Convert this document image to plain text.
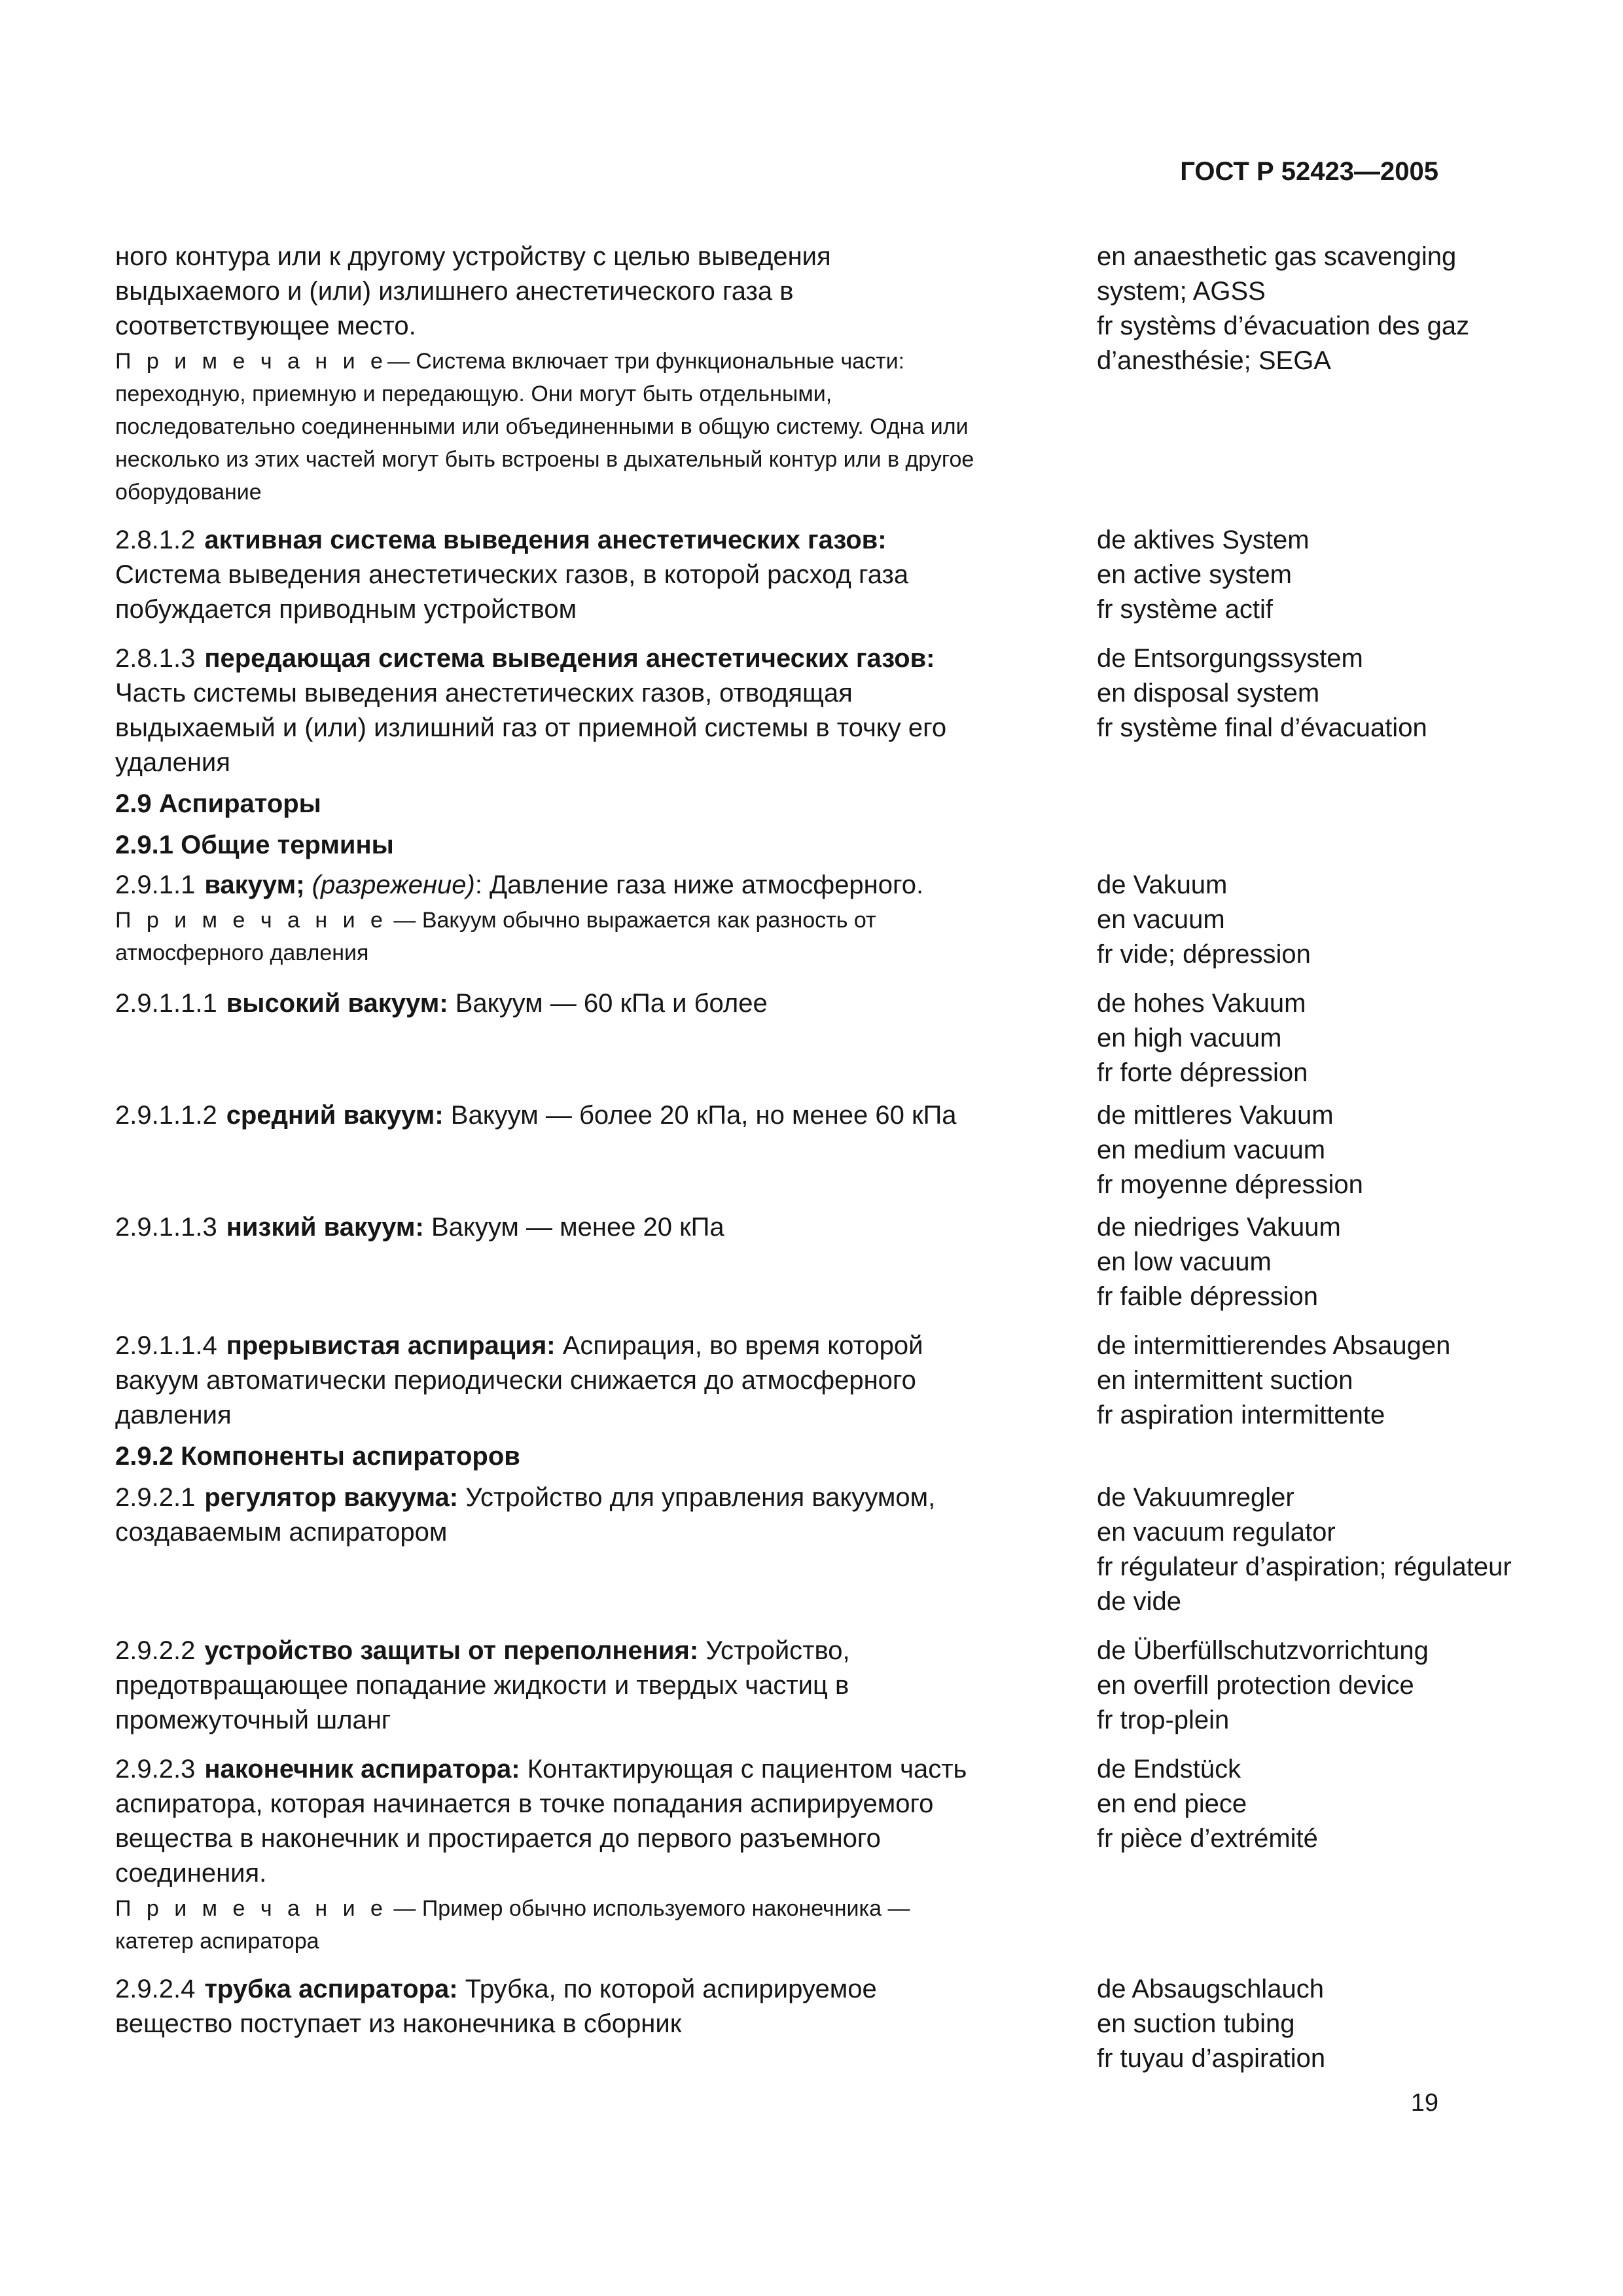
ГОСТ Р 52423—2005
ного контура или к другому устройству с целью выведения выдыхаемого и (или) излишнего анестетического газа в соответствующее место.
П р и м е ч а н и е— Система включает три функциональные части: переходную, приемную и передающую. Они могут быть отдельными, последовательно соединенными или объединенными в общую систему. Одна или несколько из этих частей могут быть встроены в дыхательный контур или в другое оборудование
en anaesthetic gas scavenging
system; AGSS
fr systèms d’évacuation des gaz
d’anesthésie; SEGA
2.8.1.2 активная система выведения анестетических газов: Система выведения анестетических газов, в которой расход газа побуждается приводным устройством
de aktives System
en active system
fr système actif
2.8.1.3 передающая система выведения анестетических газов: Часть системы выведения анестетических газов, отводящая выдыхаемый и (или) излишний газ от приемной системы в точку его удаления
de Entsorgungssystem
en disposal system
fr système final d’évacuation
2.9 Аспираторы
2.9.1 Общие термины
2.9.1.1 вакуум; (разрежение): Давление газа ниже атмосферного.
П р и м е ч а н и е — Вакуум обычно выражается как разность от атмосферного давления
de Vakuum
en vacuum
fr vide; dépression
2.9.1.1.1 высокий вакуум: Вакуум — 60 кПа и более	de hohes Vakuum
en high vacuum
fr forte dépression
2.9.1.1.2 средний вакуум: Вакуум — более 20 кПа, но менее 60 кПа	de mittleres Vakuum
en medium vacuum
fr moyenne dépression
2.9.1.1.3 низкий вакуум: Вакуум — менее 20 кПа	de niedriges Vakuum
en low vacuum
fr faible dépression
2.9.1.1.4 прерывистая аспирация: Аспирация, во время которой вакуум автоматически периодически снижается до атмосферного давления
de intermittierendes Absaugen
en intermittent suction
fr aspiration intermittente
2.9.2 Компоненты аспираторов
2.9.2.1 регулятор вакуума: Устройство для управления вакуумом, создаваемым аспиратором
de Vakuumregler
en vacuum regulator
fr régulateur d’aspiration; régulateur
de vide
2.9.2.2 устройство защиты от переполнения: Устройство, предотвращающее попадание жидкости и твердых частиц в промежуточный шланг
de Überfüllschutzvorrichtung
en overfill protection device
fr trop-plein
2.9.2.3 наконечник аспиратора: Контактирующая с пациентом часть аспиратора, которая начинается в точке попадания аспирируемого вещества в наконечник и простирается до первого разъемного соединения.
П р и м е ч а н и е — Пример обычно используемого наконечника — катетер аспиратора
de Endstück
en end piece
fr pièce d’extrémité
2.9.2.4 трубка аспиратора: Трубка, по которой аспирируемое вещество поступает из наконечника в сборник
de Absaugschlauch
en suction tubing
fr tuyau d’aspiration
19
